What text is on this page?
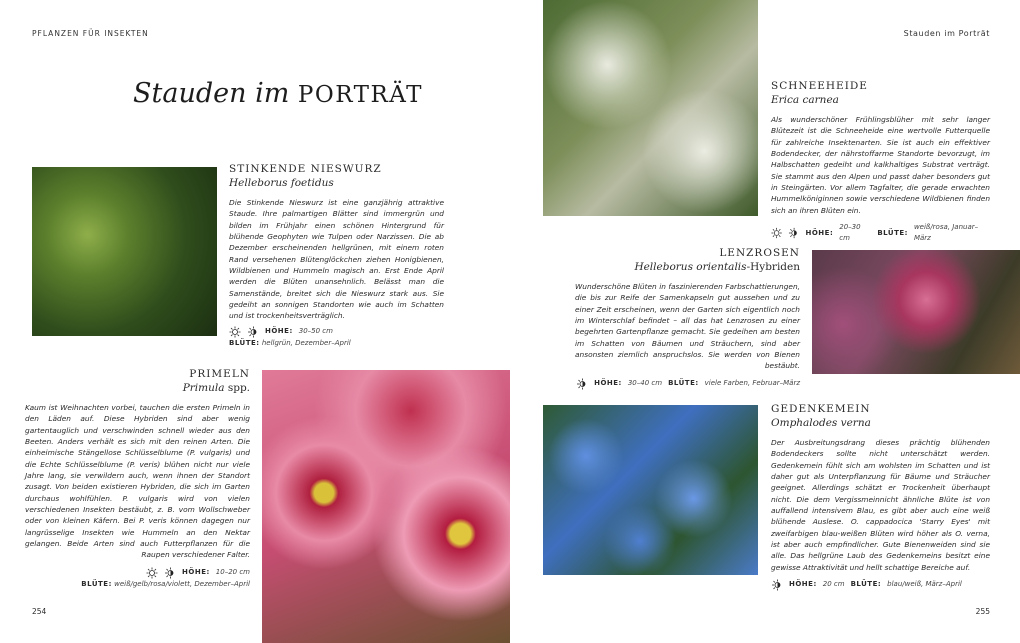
PFLANZEN FÜR INSEKTEN	Stauden im Porträt
Stauden im PORTRÄT
STINKENDE NIESWURZ
Helleborus foetidus

Die Stinkende Nieswurz ist eine ganzjährig attraktive Staude. Ihre palmartigen Blätter sind immergrün und bilden im Frühjahr einen schönen Hintergrund für blühende Geophyten wie Tulpen oder Narzissen. Die ab Dezember erscheinenden hellgrünen, mit einem roten Rand versehenen Blütenglöckchen ziehen Honigbienen, Wildbienen und Hummeln magisch an. Erst Ende April werden die Blüten unansehnlich. Belässt man die Samenstände, breitet sich die Nieswurz stark aus. Sie gedeiht an sonnigen Standorten wie auch im Schatten und ist trockenheitsverträglich.

HÖHE: 30–50 cm
BLÜTE: hellgrün, Dezember–April
PRIMELN
Primula spp.

Kaum ist Weihnachten vorbei, tauchen die ersten Primeln in den Läden auf. Diese Hybriden sind aber wenig gartentauglich und verschwinden schnell wieder aus den Beeten. Anders verhält es sich mit den reinen Arten. Die einheimische Stängellose Schlüsselblume (P. vulgaris) und die Echte Schlüsselblume (P. veris) blühen nicht nur viele Jahre lang, sie verwildern auch, wenn ihnen der Standort zusagt. Von beiden existieren Hybriden, die sich im Garten durchaus wohlfühlen. P. vulgaris wird von vielen verschiedenen Insekten bestäubt, z. B. vom Wollschweber oder von kleinen Käfern. Bei P. veris können dagegen nur langrüsselige Insekten wie Hummeln an den Nektar gelangen. Beide Arten sind auch Futterpflanzen für die Raupen verschiedener Falter.

HÖHE: 10–20 cm
BLÜTE: weiß/gelb/rosa/violett, Dezember–April
SCHNEEHEIDE
Erica carnea

Als wunderschöner Frühlingsblüher mit sehr langer Blütezeit ist die Schneeheide eine wertvolle Futterquelle für zahlreiche Insektenarten. Sie ist auch ein effektiver Bodendecker, der nährstoffarme Standorte bevorzugt, im Halbschatten gedeiht und kalkhaltiges Substrat verträgt. Sie stammt aus den Alpen und passt daher besonders gut in Steingärten. Vor allem Tagfalter, die gerade erwachten Hummelköniginnen sowie verschiedene Wildbienen finden sich an ihren Blüten ein.

HÖHE:
20–30 cm
BLÜTE:
weiß/rosa, Januar–März
LENZROSEN
Helleborus orientalis-Hybriden

Wunderschöne Blüten in faszinierenden Farbschattierungen, die bis zur Reife der Samenkapseln gut aussehen und zu einer Zeit erscheinen, wenn der Garten sich eigentlich noch im Winterschlaf befindet – all das hat Lenzrosen zu einer begehrten Gartenpflanze gemacht. Sie gedeihen am besten im Schatten von Bäumen und Sträuchern, sind aber ansonsten ziemlich anspruchslos. Sie werden von Bienen bestäubt.

HÖHE: 30–40 cm BLÜTE: viele Farben, Februar–März
GEDENKEMEIN
Omphalodes verna

Der Ausbreitungsdrang dieses prächtig blühenden Bodendeckers sollte nicht unterschätzt werden. Gedenkemein fühlt sich am wohlsten im Schatten und ist daher gut als Unterpflanzung für Bäume und Sträucher geeignet. Allerdings schätzt er Trockenheit überhaupt nicht. Die dem Vergissmeinnicht ähnliche Blüte ist von auffallend intensivem Blau, es gibt aber auch eine weiß blühende Auslese. O. cappadocica 'Starry Eyes' mit zweifarbigen blau-weißen Blüten wird höher als O. verna, ist aber auch empfindlicher. Gute Bienenweiden sind sie alle. Das hellgrüne Laub des Gedenkemeins besitzt eine gewisse Attraktivität und hellt schattige Bereiche auf.

HÖHE: 20 cm BLÜTE: blau/weiß, März–April
254	255
